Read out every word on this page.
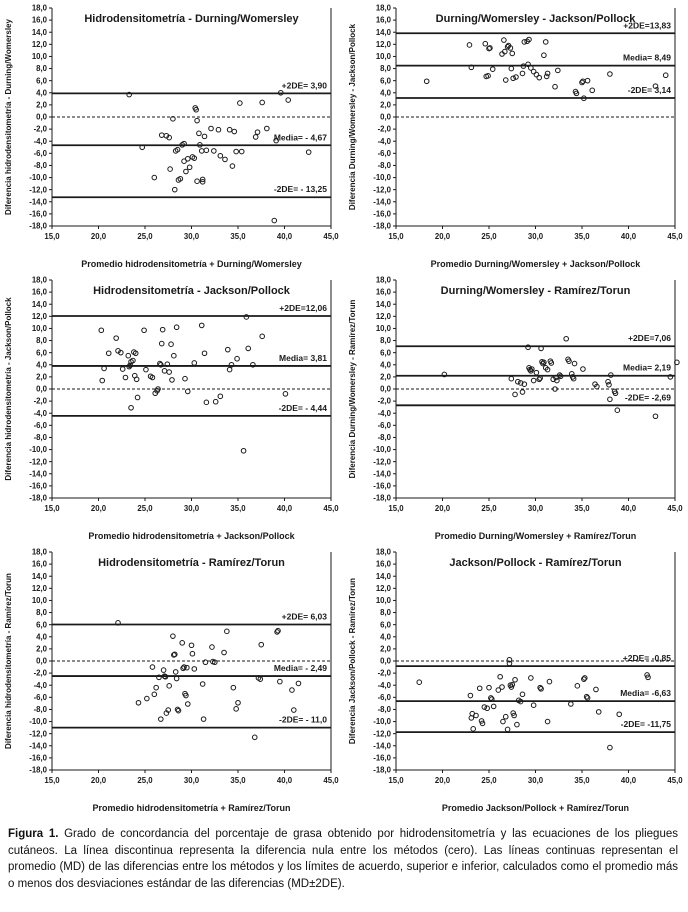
+2DE= 3,90
Media= - 4,67
-2DE= - 13,25
18,0
16,0
14,0
12,0
10,0
8,0
6,0
4,0
2,0
0,0
-2,0
-4,0
-6,0
-8,0
-10,0
-12,0
-14,0
-16,0
-18,0
15,0	20,0	25,0	30,0	35,0	40,0	45,0
Hidrodensitometría - Durning/Womersley
Promedio hidrodensitometría + Durning/Womersley
Diferencia hidrodensitometría - Durning/Womersley	+2DE=13,83
Media= 8,49
-2DE= 3,14
18,0
16,0
14,0
12,0
10,0
8,0
6,0
4,0
2,0
0,0
-2,0
-4,0
-6,0
-8,0
-10,0
-12,0
-14,0
-16,0
-18,0
15,0	20,0	25,0	30,0	35,0	40,0	45,0
Durning/Womersley - Jackson/Pollock
Promedio Durning/Womersley + Jackson/Pollock
Diferencia Durning/Womersley - Jackson/Pollock
+2DE=12,06
Media= 3,81
-2DE= - 4,44
18,0
16,0
14,0
12,0
10,0
8,0
6,0
4,0
2,0
0,0
-2,0
-4,0
-6,0
-8,0
-10,0
-12,0
-14,0
-16,0
-18,0
15,0	20,0	25,0	30,0	35,0	40,0	45,0
Hidrodensitometría - Jackson/Pollock
Promedio hidrodensitometría + Jackson/Pollock
Diferencia hidrodensitometría - Jackson/Pollock	+2DE=7,06
Media= 2,19
-2DE= -2,69
18,0
16,0
14,0
12,0
10,0
8,0
6,0
4,0
2,0
0,0
-2,0
-4,0
-6,0
-8,0
-10,0
-12,0
-14,0
-16,0
-18,0
15,0	20,0	25,0	30,0	35,0	40,0	45,0
Durning/Womersley - Ramírez/Torun
Promedio Durning/Womersley + Ramírez/Torun
Diferencia Durning/Womersley - Ramírez/Torun
+2DE= 6,03
Media= - 2,49
-2DE= - 11,0
18,0
16,0
14,0
12,0
10,0
8,0
6,0
4,0
2,0
0,0
-2,0
-4,0
-6,0
-8,0
-10,0
-12,0
-14,0
-16,0
-18,0
15,0	20,0	25,0	30,0	35,0	40,0	45,0
Hidrodensitometría - Ramírez/Torun
Promedio hidrodensitometría + Ramírez/Torun
Diferencia hidrodensitometría - Ramírez/Torun	+2DE= -0,85
Media= -6,63
-2DE= -11,75
18,0
16,0
14,0
12,0
10,0
8,0
6,0
4,0
2,0
0,0
-2,0
-4,0
-6,0
-8,0
-10,0
-12,0
-14,0
-16,0
-18,0
15,0	20,0	25,0	30,0	35,0	40,0	45,0
Jackson/Pollock - Ramírez/Torun
Promedio Jackson/Pollock + Ramírez/Torun
Diferencia Jackson/Pollock - Ramírez/Torun

Figura 1. Grado de concordancia del porcentaje de grasa obtenido por hidrodensitometría y las ecuaciones de los pliegues cutáneos. La línea discontinua representa la diferencia nula entre los métodos (cero). Las líneas continuas representan el promedio (MD) de las diferencias entre los métodos y los límites de acuerdo, superior e inferior, calculados como el promedio más o menos dos desviaciones estándar de las diferencias (MD±2DE).
